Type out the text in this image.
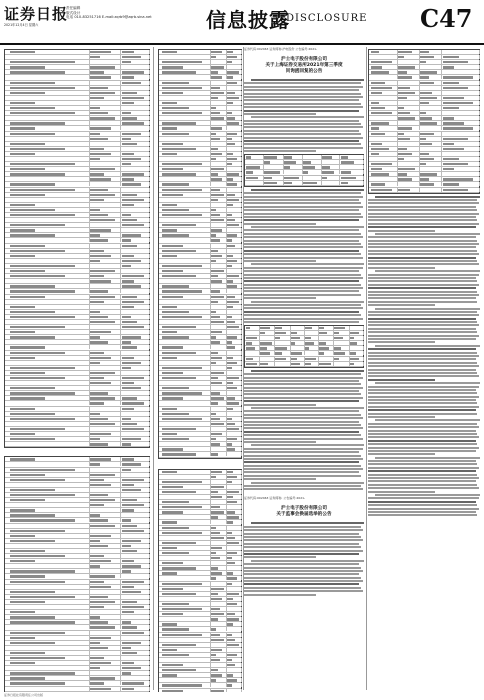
证券日报
责任编辑
版式设计
电话 010-83251716 E-mail:zqrb9@zqrb.sina.net
2021年12月4日 星期六	信息披露
DISCLOSURE C47
证券代码:002463 证券简称:沪电股份 公告编号:2021-
沪士电子股份有限公司
关于上海证券交易所2021年第三季度
问询函回复的公告
证券代码:002463 证券简称: 公告编号:2021-
沪士电子股份有限公司
关于监事会换届选举的公告
证券日报社有限责任公司出版
